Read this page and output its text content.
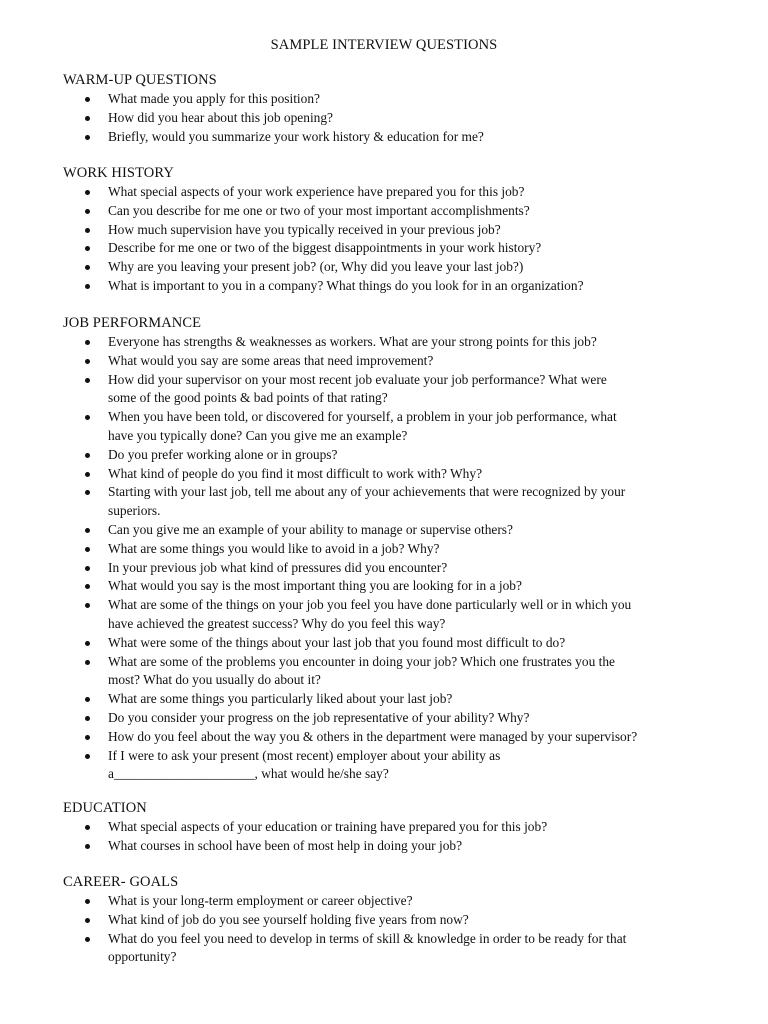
SAMPLE INTERVIEW QUESTIONS
WARM-UP QUESTIONS
What made you apply for this position?
How did you hear about this job opening?
Briefly, would you summarize your work history & education for me?
WORK HISTORY
What special aspects of your work experience have prepared you for this job?
Can you describe for me one or two of your most important accomplishments?
How much supervision have you typically received in your previous job?
Describe for me one or two of the biggest disappointments in your work history?
Why are you leaving your present job? (or, Why did you leave your last job?)
What is important to you in a company? What things do you look for in an organization?
JOB PERFORMANCE
Everyone has strengths & weaknesses as workers. What are your strong points for this job?
What would you say are some areas that need improvement?
How did your supervisor on your most recent job evaluate your job performance? What were
some of the good points & bad points of that rating?
When you have been told, or discovered for yourself, a problem in your job performance, what
have you typically done? Can you give me an example?
Do you prefer working alone or in groups?
What kind of people do you find it most difficult to work with? Why?
Starting with your last job, tell me about any of your achievements that were recognized by your
superiors.
Can you give me an example of your ability to manage or supervise others?
What are some things you would like to avoid in a job? Why?
In your previous job what kind of pressures did you encounter?
What would you say is the most important thing you are looking for in a job?
What are some of the things on your job you feel you have done particularly well or in which you
have achieved the greatest success? Why do you feel this way?
What were some of the things about your last job that you found most difficult to do?
What are some of the problems you encounter in doing your job? Which one frustrates you the
most? What do you usually do about it?
What are some things you particularly liked about your last job?
Do you consider your progress on the job representative of your ability? Why?
How do you feel about the way you & others in the department were managed by your supervisor?
If I were to ask your present (most recent) employer about your ability as
a_____________________, what would he/she say?
EDUCATION
What special aspects of your education or training have prepared you for this job?
What courses in school have been of most help in doing your job?
CAREER- GOALS
What is your long-term employment or career objective?
What kind of job do you see yourself holding five years from now?
What do you feel you need to develop in terms of skill & knowledge in order to be ready for that
opportunity?
